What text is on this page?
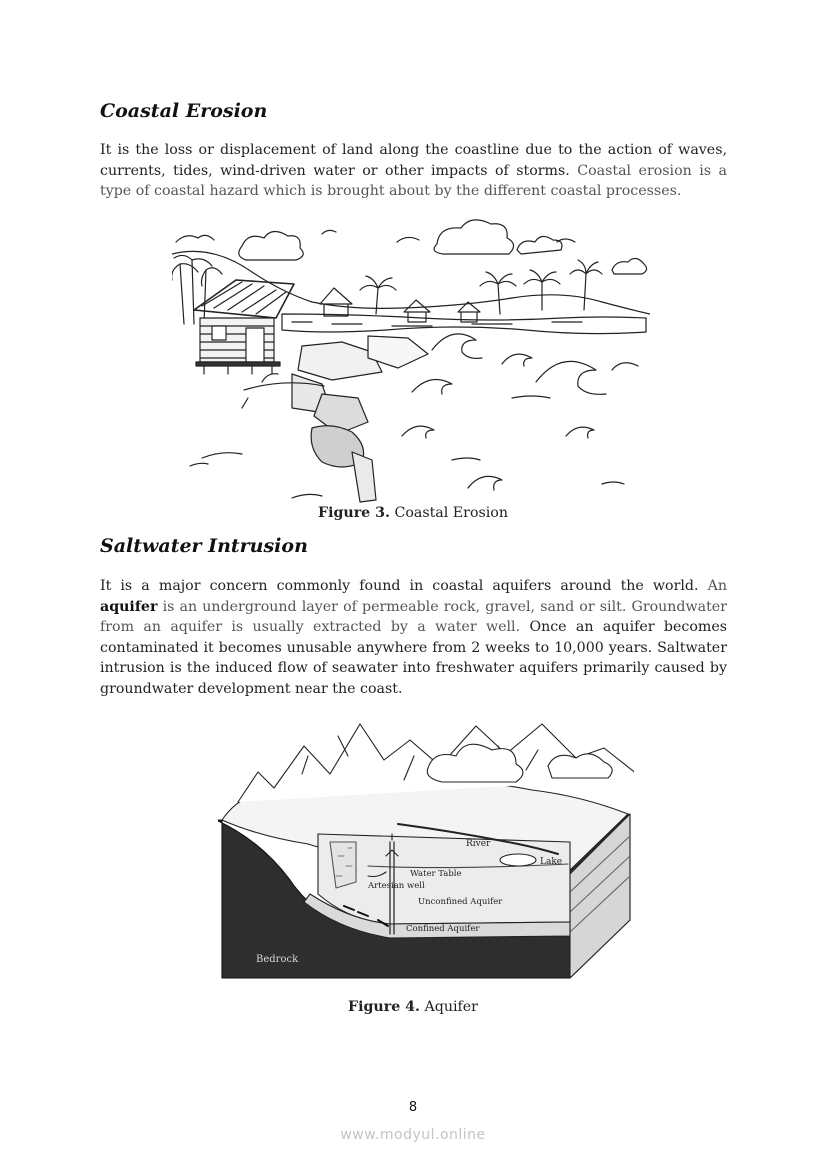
Coastal Erosion

It is the loss or displacement of land along the coastline due to the action of waves, currents, tides, wind-driven water or other impacts of storms. Coastal erosion is a type of coastal hazard which is brought about by the different coastal processes.

Figure 3. Coastal Erosion

Saltwater Intrusion

It is a major concern commonly found in coastal aquifers around the world. An aquifer is an underground layer of permeable rock, gravel, sand or silt. Groundwater from an aquifer is usually extracted by a water well. Once an aquifer becomes contaminated it becomes unusable anywhere from 2 weeks to 10,000 years. Saltwater intrusion is the induced flow of seawater into freshwater aquifers primarily caused by groundwater development near the coast.

River
Lake
Water Table
Artesian well
Unconfined Aquifer
Confined Aquifer
Bedrock

Figure 4. Aquifer

8
www.modyul.online
